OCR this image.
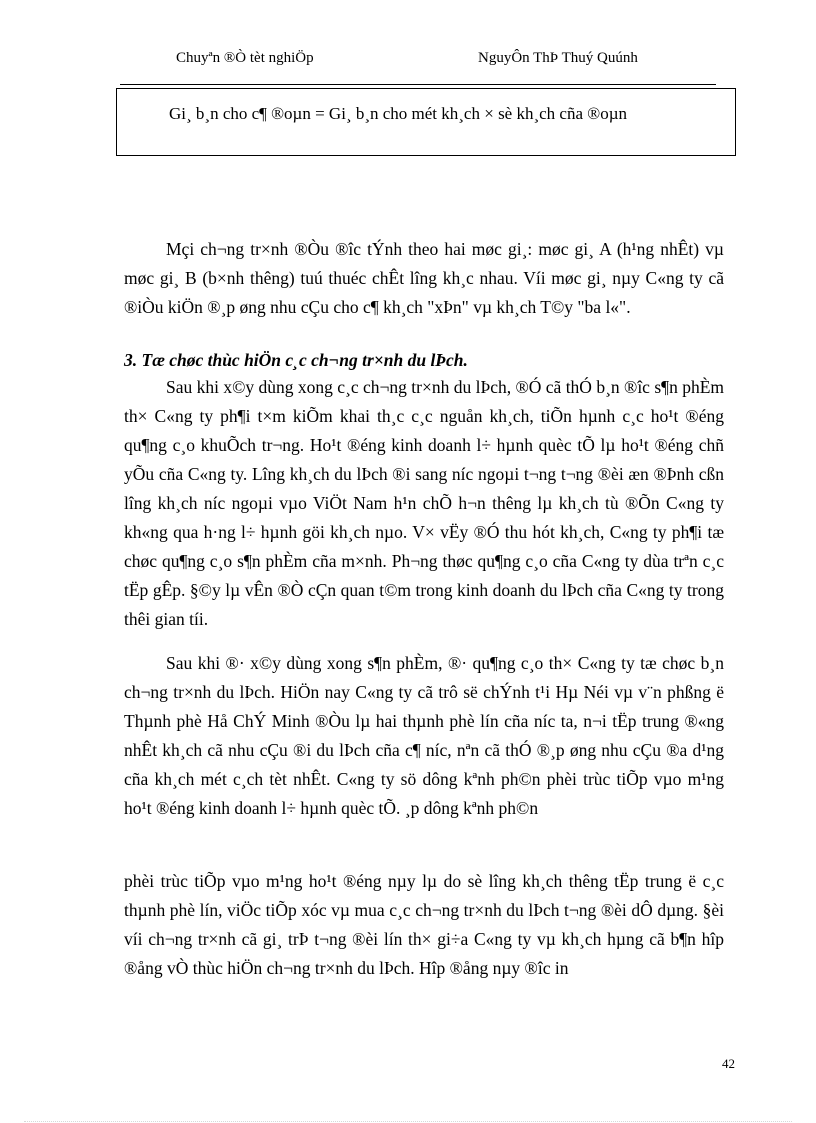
Chuyªn ®Ò tèt nghiÖp	NguyÔn ThÞ Thuý Quúnh
Gi¸ b¸n cho c¶ ®oµn = Gi¸ b¸n cho mét kh¸ch × sè kh¸ch cña ®oµn

Mçi ch¬ng tr×nh ®Òu ®îc tÝnh theo hai møc gi¸: møc gi¸ A (h¹ng nhÊt) vµ møc gi¸ B (b×nh thêng) tuú thuéc chÊt lîng kh¸c nhau. Víi møc gi¸ nµy C«ng ty cã ®iÒu kiÖn ®¸p øng nhu cÇu cho c¶ kh¸ch "xÞn" vµ kh¸ch T©y "ba l«".

3. Tæ chøc thùc hiÖn c¸c ch¬ng tr×nh du lÞch.

Sau khi x©y dùng xong c¸c ch¬ng tr×nh du lÞch, ®Ó cã thÓ b¸n ®îc s¶n phÈm th× C«ng ty ph¶i t×m kiÕm khai th¸c c¸c nguån kh¸ch, tiÕn hµnh c¸c ho¹t ®éng qu¶ng c¸o khuÕch tr¬ng. Ho¹t ®éng kinh doanh l÷ hµnh quèc tÕ lµ ho¹t ®éng chñ yÕu cña C«ng ty. Lîng kh¸ch du lÞch ®i sang níc ngoµi t¬ng t¬ng ®èi æn ®Þnh cßn lîng kh¸ch níc ngoµi vµo ViÖt Nam h¹n chÕ h¬n thêng lµ kh¸ch tù ®Õn C«ng ty kh«ng qua h·ng l÷ hµnh göi kh¸ch nµo. V× vËy ®Ó thu hót kh¸ch, C«ng ty ph¶i tæ chøc qu¶ng c¸o s¶n phÈm cña m×nh. Ph¬ng thøc qu¶ng c¸o cña C«ng ty dùa trªn c¸c tËp gÊp. §©y lµ vÊn ®Ò cÇn quan t©m trong kinh doanh du lÞch cña C«ng ty trong thêi gian tíi.

Sau khi ®· x©y dùng xong s¶n phÈm, ®· qu¶ng c¸o th× C«ng ty tæ chøc b¸n ch¬ng tr×nh du lÞch. HiÖn nay C«ng ty cã trô së chÝnh t¹i Hµ Néi vµ v¨n phßng ë Thµnh phè Hå ChÝ Minh ®Òu lµ hai thµnh phè lín cña níc ta, n¬i tËp trung ®«ng nhÊt kh¸ch cã nhu cÇu ®i du lÞch cña c¶ níc, nªn cã thÓ ®¸p øng nhu cÇu ®a d¹ng cña kh¸ch mét c¸ch tèt nhÊt. C«ng ty sö dông kªnh ph©n phèi trùc tiÕp vµo m¹ng ho¹t ®éng kinh doanh l÷ hµnh quèc tÕ. ¸p dông kªnh ph©n

phèi trùc tiÕp vµo m¹ng ho¹t ®éng nµy lµ do sè lîng kh¸ch thêng tËp trung ë c¸c thµnh phè lín, viÖc tiÕp xóc vµ mua c¸c ch¬ng tr×nh du lÞch t¬ng ®èi dÔ dµng. §èi víi ch¬ng tr×nh cã gi¸ trÞ t¬ng ®èi lín th× gi÷a C«ng ty vµ kh¸ch hµng cã b¶n hîp ®ång vÒ thùc hiÖn ch¬ng tr×nh du lÞch. Hîp ®ång nµy ®îc in

42
